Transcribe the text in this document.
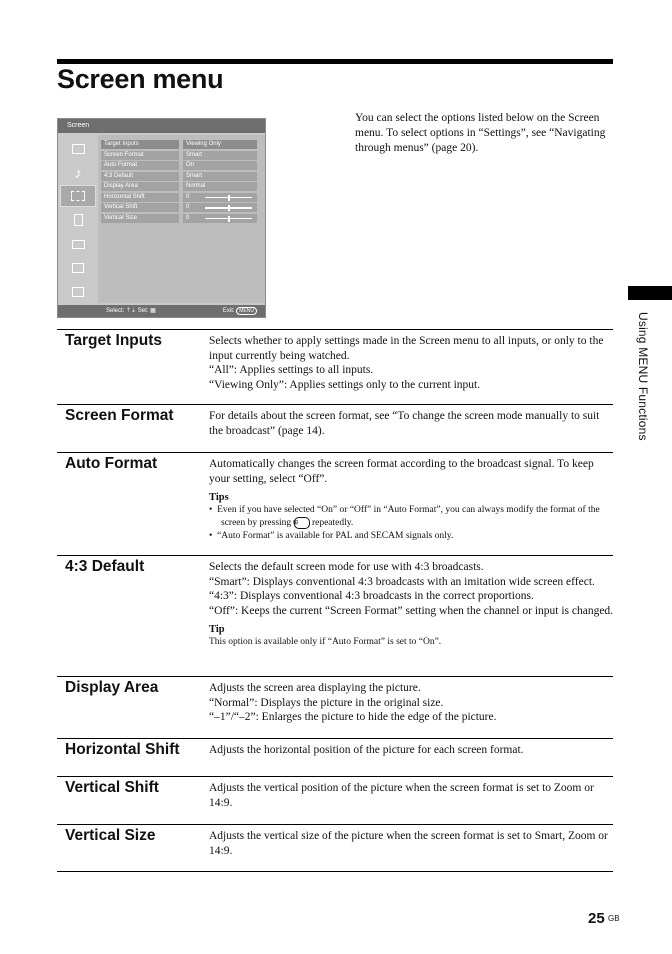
Screen menu
Screen
♪
Target Inputs	Viewing Only
Screen Format	Smart
Auto Format	On
4:3 Default	Smart
Display Area	Normal
Horizontal Shift	0
Vertical Shift	0
Vertical Size	0
Select: ⇡⇣ Set: ▦	Exit: MENU
You can select the options listed below on the Screen menu. To select options in “Settings”, see “Navigating through menus” (page 20).
Using MENU Functions
Target Inputs	Selects whether to apply settings made in the Screen menu to all inputs, or only to the input currently being watched.

“All”: Applies settings to all inputs.

“Viewing Only”: Applies settings only to the current input.

Screen Format	For details about the screen format, see “To change the screen mode manually to suit the broadcast” (page 14).

Auto Format	Automatically changes the screen format according to the broadcast signal. To keep your setting, select “Off”.

Tips

•  Even if you have selected “On” or “Off” in “Auto Format”, you can always modify the format of the screen by pressing ⊞ repeatedly.

•  “Auto Format” is available for PAL and SECAM signals only.

4:3 Default	Selects the default screen mode for use with 4:3 broadcasts.

“Smart”: Displays conventional 4:3 broadcasts with an imitation wide screen effect.

“4:3”: Displays conventional 4:3 broadcasts in the correct proportions.

“Off”: Keeps the current “Screen Format” setting when the channel or input is changed.

Tip

This option is available only if “Auto Format” is set to “On”.

Display Area	Adjusts the screen area displaying the picture.

“Normal”: Displays the picture in the original size.

“–1”/“–2”: Enlarges the picture to hide the edge of the picture.

Horizontal Shift	Adjusts the horizontal position of the picture for each screen format.

Vertical Shift	Adjusts the vertical position of the picture when the screen format is set to Zoom or 14:9.

Vertical Size	Adjusts the vertical size of the picture when the screen format is set to Smart, Zoom or 14:9.

25 GB
